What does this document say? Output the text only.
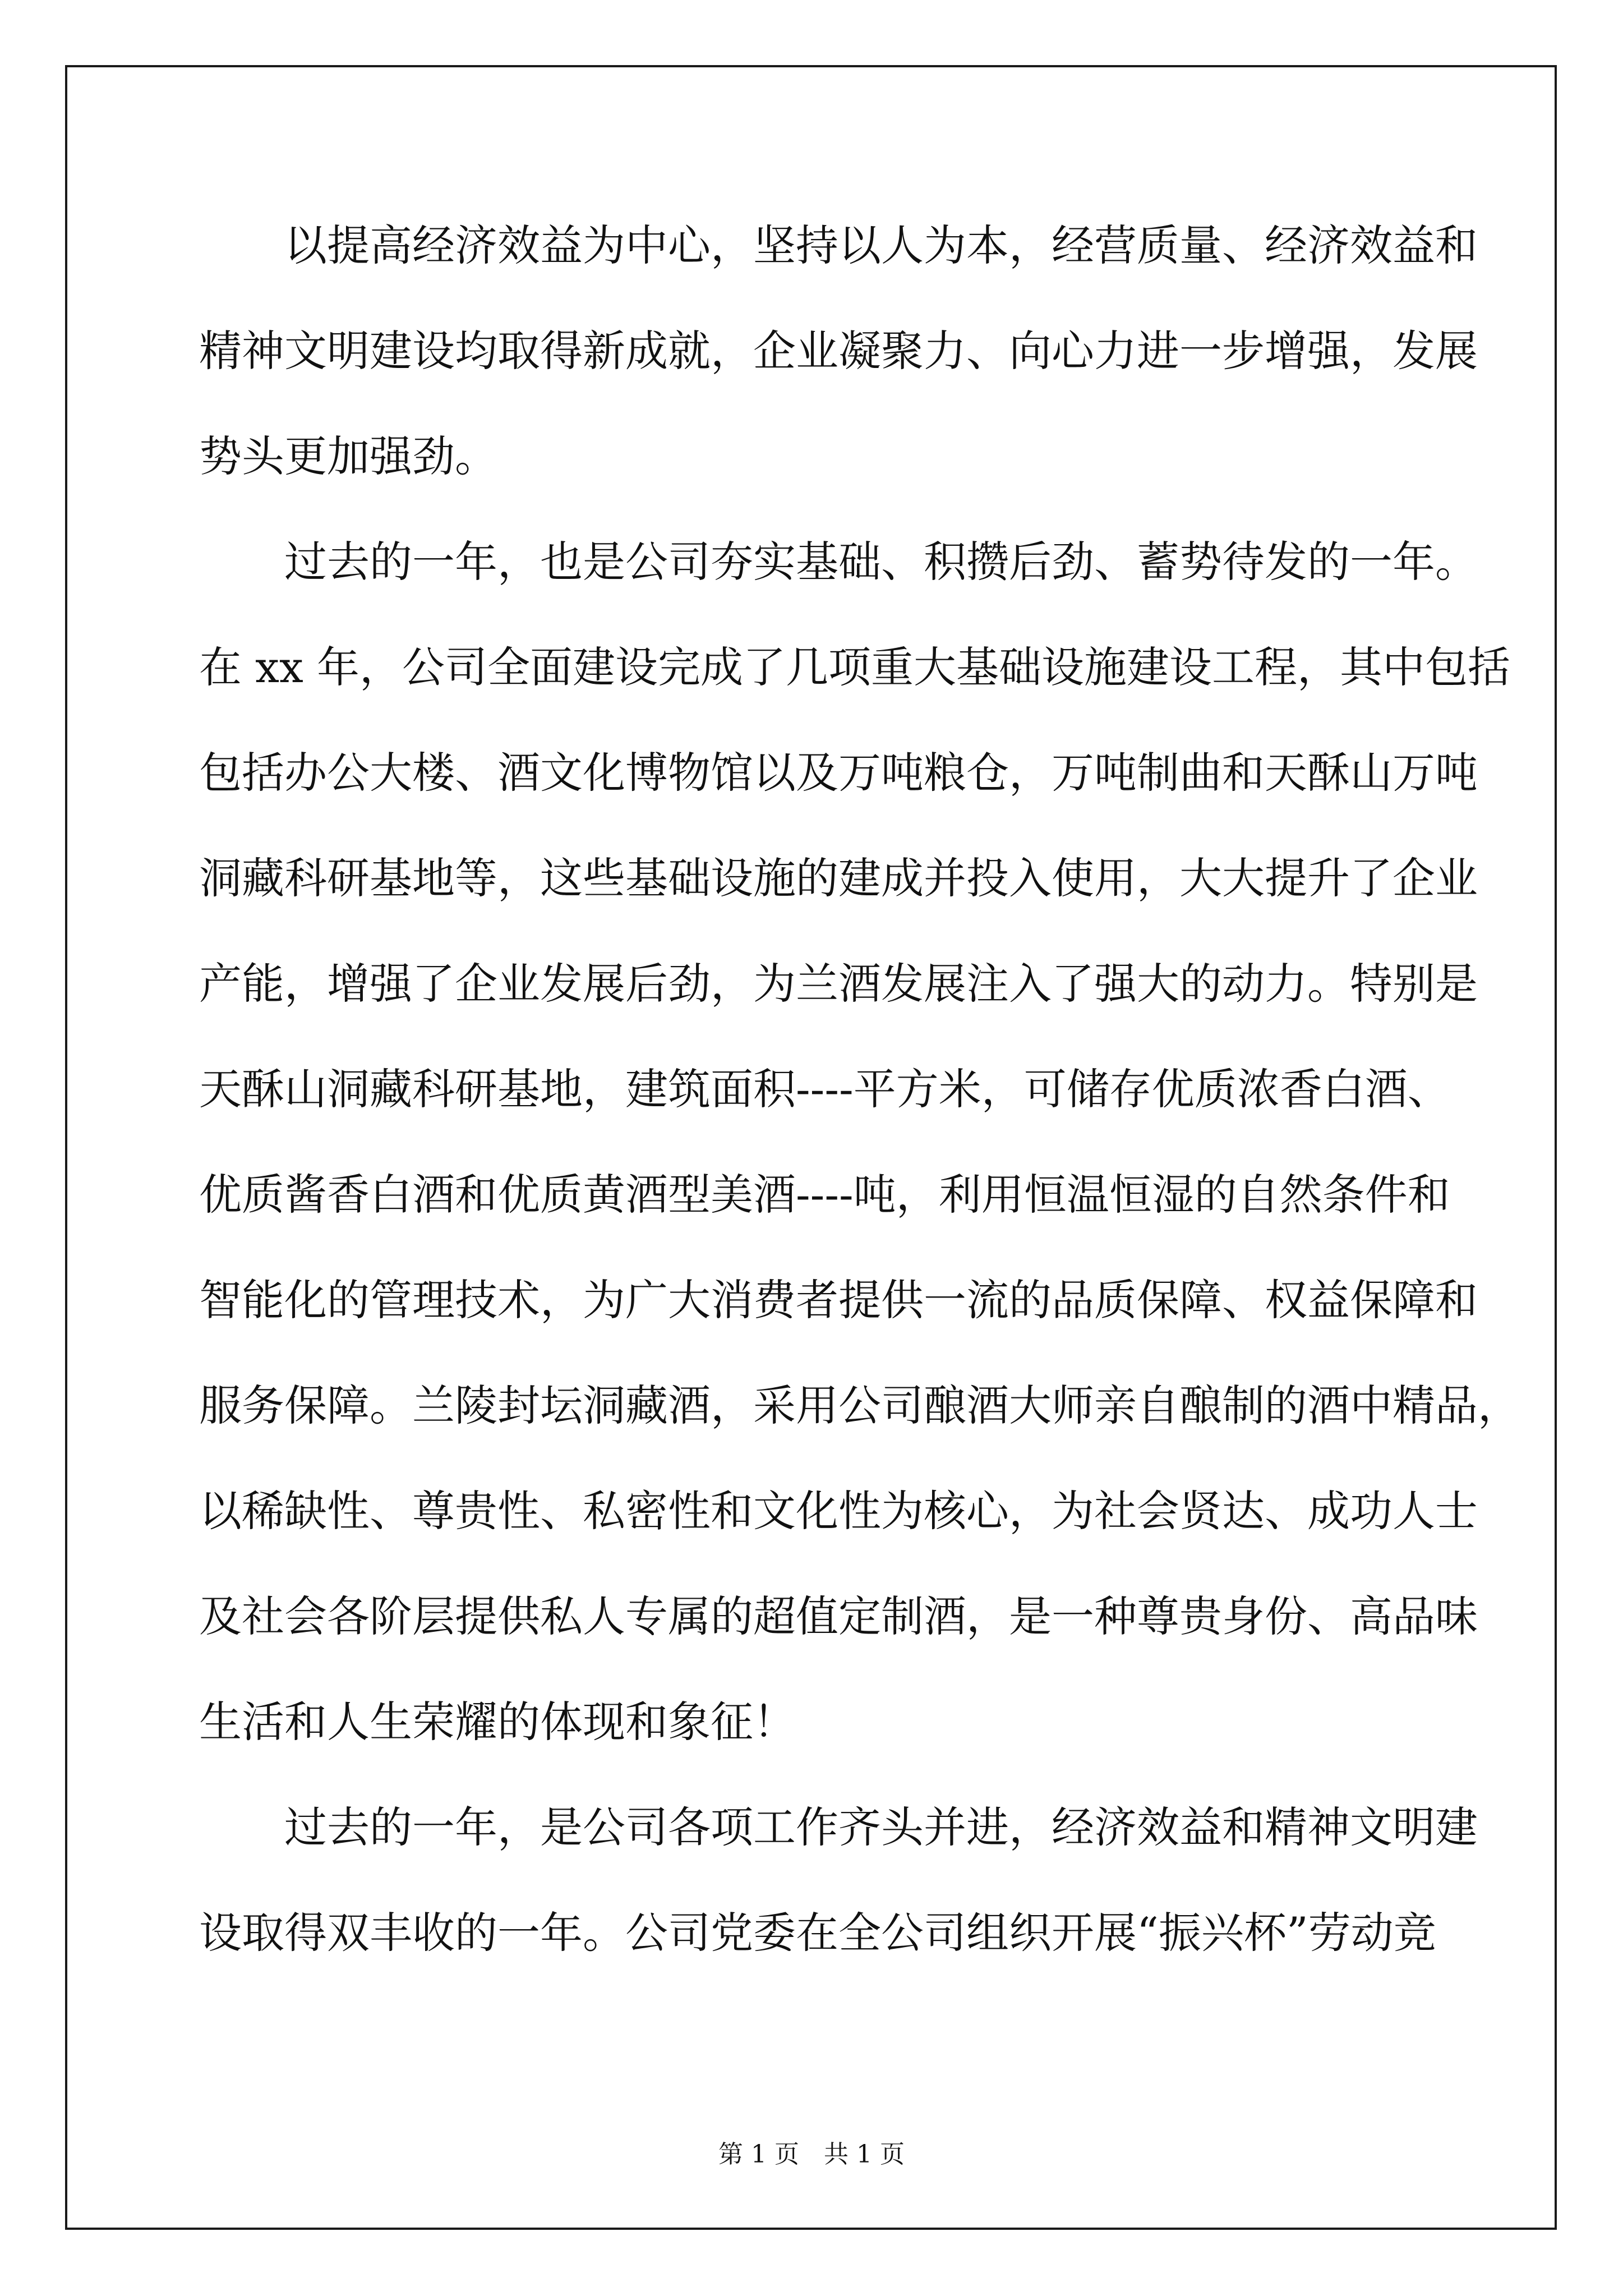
以提高经济效益为中心，坚持以人为本，经营质量、经济效益和
精神文明建设均取得新成就，企业凝聚力、向心力进一步增强，发展
势头更加强劲。
过去的一年，也是公司夯实基础、积攒后劲、蓄势待发的一年。
在 xx 年，公司全面建设完成了几项重大基础设施建设工程，其中包括
包括办公大楼、酒文化博物馆以及万吨粮仓，万吨制曲和天酥山万吨
洞藏科研基地等，这些基础设施的建成并投入使用，大大提升了企业
产能，增强了企业发展后劲，为兰酒发展注入了强大的动力。特别是
天酥山洞藏科研基地，建筑面积----平方米，可储存优质浓香白酒、
优质酱香白酒和优质黄酒型美酒----吨，利用恒温恒湿的自然条件和
智能化的管理技术，为广大消费者提供一流的品质保障、权益保障和
服务保障。兰陵封坛洞藏酒，采用公司酿酒大师亲自酿制的酒中精品，
以稀缺性、尊贵性、私密性和文化性为核心，为社会贤达、成功人士
及社会各阶层提供私人专属的超值定制酒，是一种尊贵身份、高品味
生活和人生荣耀的体现和象征！
过去的一年，是公司各项工作齐头并进，经济效益和精神文明建
设取得双丰收的一年。公司党委在全公司组织开展“振兴杯”劳动竞
第 1 页　共 1 页
